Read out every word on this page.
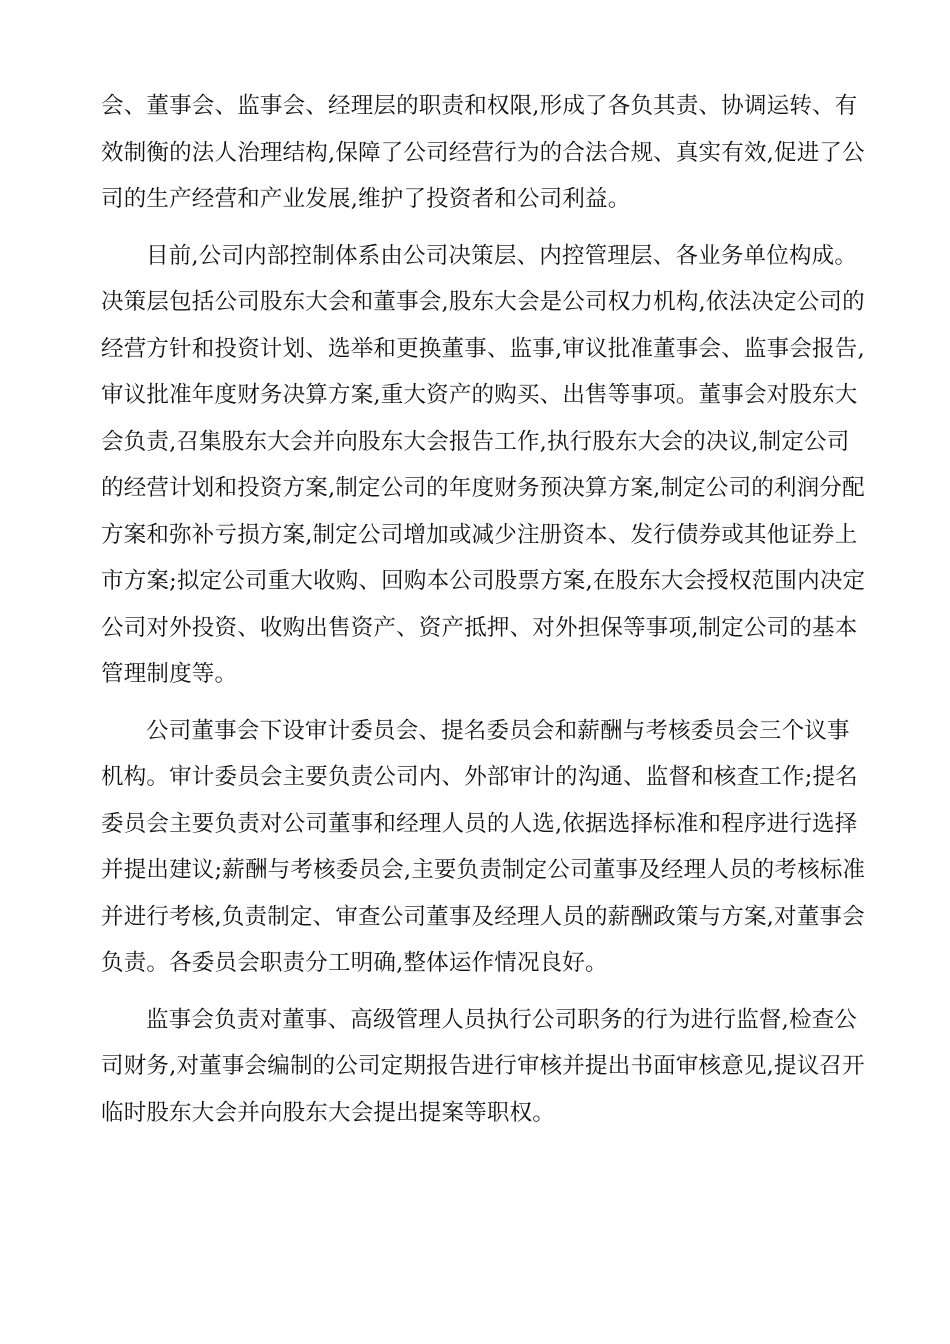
会、董事会、监事会、经理层的职责和权限,形成了各负其责、协调运转、有
效制衡的法人治理结构,保障了公司经营行为的合法合规、真实有效,促进了公
司的生产经营和产业发展,维护了投资者和公司利益。
目前,公司内部控制体系由公司决策层、内控管理层、各业务单位构成。
决策层包括公司股东大会和董事会,股东大会是公司权力机构,依法决定公司的
经营方针和投资计划、选举和更换董事、监事,审议批准董事会、监事会报告,
审议批准年度财务决算方案,重大资产的购买、出售等事项。董事会对股东大
会负责,召集股东大会并向股东大会报告工作,执行股东大会的决议,制定公司
的经营计划和投资方案,制定公司的年度财务预决算方案,制定公司的利润分配
方案和弥补亏损方案,制定公司增加或减少注册资本、发行债券或其他证券上
市方案;拟定公司重大收购、回购本公司股票方案,在股东大会授权范围内决定
公司对外投资、收购出售资产、资产抵押、对外担保等事项,制定公司的基本
管理制度等。
公司董事会下设审计委员会、提名委员会和薪酬与考核委员会三个议事
机构。审计委员会主要负责公司内、外部审计的沟通、监督和核查工作;提名
委员会主要负责对公司董事和经理人员的人选,依据选择标准和程序进行选择
并提出建议;薪酬与考核委员会,主要负责制定公司董事及经理人员的考核标准
并进行考核,负责制定、审查公司董事及经理人员的薪酬政策与方案,对董事会
负责。各委员会职责分工明确,整体运作情况良好。
监事会负责对董事、高级管理人员执行公司职务的行为进行监督,检查公
司财务,对董事会编制的公司定期报告进行审核并提出书面审核意见,提议召开
临时股东大会并向股东大会提出提案等职权。
